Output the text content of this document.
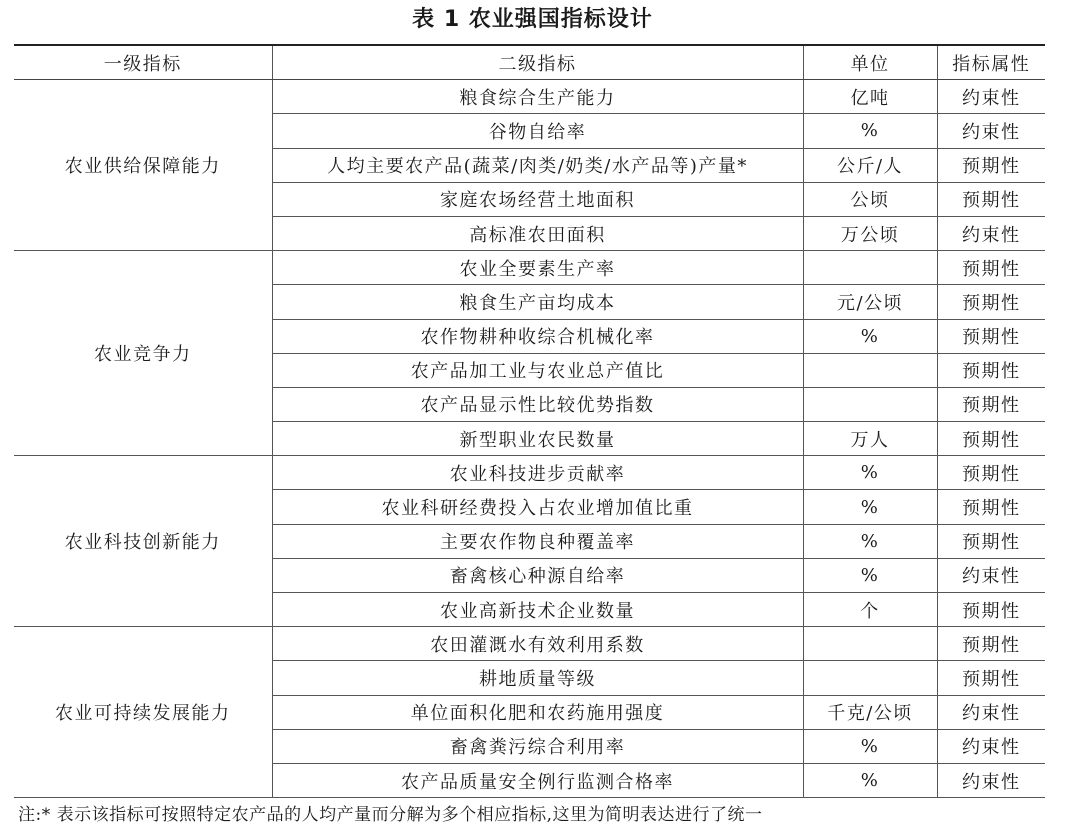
表 1 农业强国指标设计
一级指标	二级指标	单位	指标属性
农业供给保障能力	粮食综合生产能力	亿吨	约束性
	谷物自给率	%	约束性
	人均主要农产品(蔬菜/肉类/奶类/水产品等)产量*	公斤/人	预期性
	家庭农场经营土地面积	公顷	预期性
	高标准农田面积	万公顷	约束性
农业竞争力	农业全要素生产率		预期性
	粮食生产亩均成本	元/公顷	预期性
	农作物耕种收综合机械化率	%	预期性
	农产品加工业与农业总产值比		预期性
	农产品显示性比较优势指数		预期性
	新型职业农民数量	万人	预期性
农业科技创新能力	农业科技进步贡献率	%	预期性
	农业科研经费投入占农业增加值比重	%	预期性
	主要农作物良种覆盖率	%	预期性
	畜禽核心种源自给率	%	约束性
	农业高新技术企业数量	个	预期性
农业可持续发展能力	农田灌溉水有效利用系数		预期性
	耕地质量等级		预期性
	单位面积化肥和农药施用强度	千克/公顷	约束性
	畜禽粪污综合利用率	%	约束性
	农产品质量安全例行监测合格率	%	约束性
注:* 表示该指标可按照特定农产品的人均产量而分解为多个相应指标,这里为简明表达进行了统一
